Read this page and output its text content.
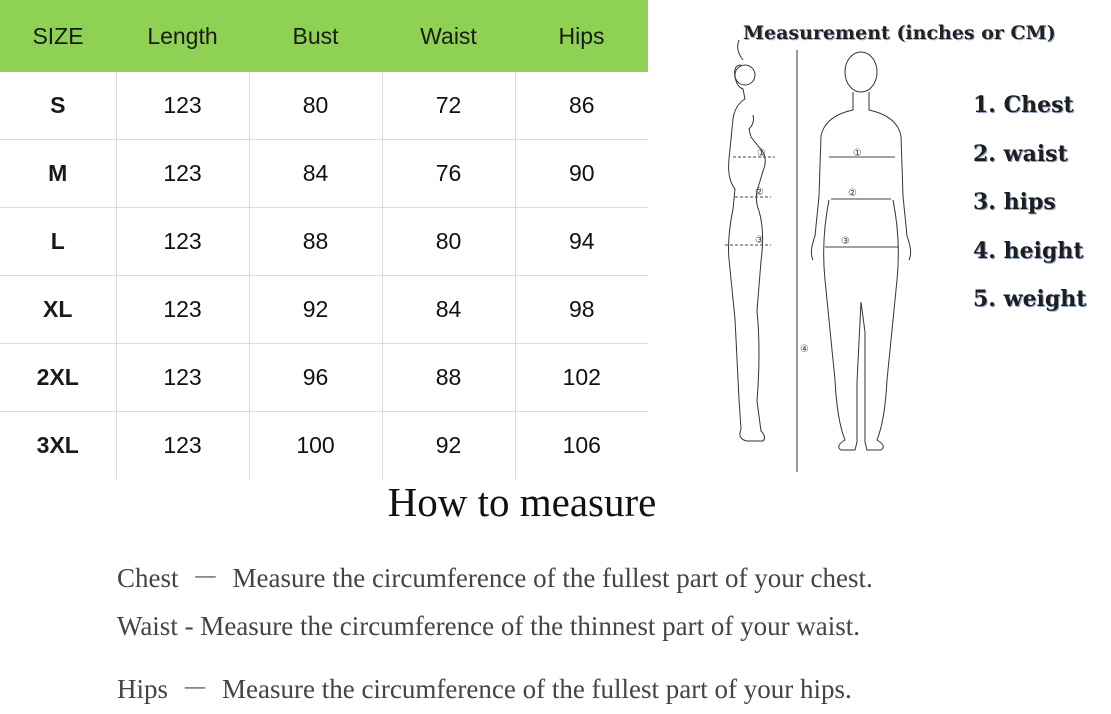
SIZE	Length	Bust	Waist	Hips
S	123	80	72	86
M	123	84	76	90
L	123	88	80	94
XL	123	92	84	98
2XL	123	96	88	102
3XL	123	100	92	106
①
②
③
①
②
③
④
Measurement (inches or CM)
1. Chest
2. waist
3. hips
4. height
5. weight
How to measure
Chest  －  Measure the circumference of the fullest part of your chest.
Waist - Measure the circumference of the thinnest part of your waist.
Hips  －  Measure the circumference of the fullest part of your hips.
